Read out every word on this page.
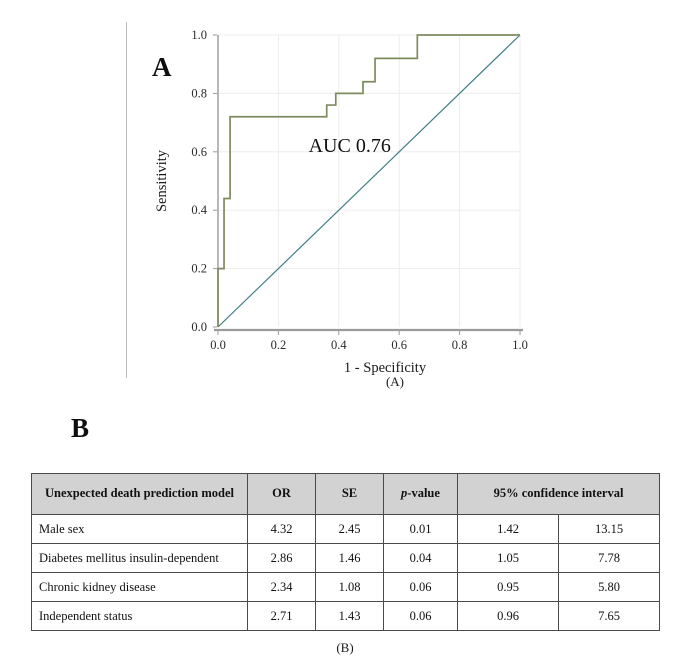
A
0.0	0.2	0.4	0.6	0.8	1.0
0.0
0.2
0.4
0.6
0.8
1.0
AUC 0.76
1 - Specificity
Sensitivity
(A)
B
Unexpected death prediction model	OR	SE	p-value	95% confidence interval	
Male sex	4.32	2.45	0.01	1.42	13.15
Diabetes mellitus insulin-dependent	2.86	1.46	0.04	1.05	7.78
Chronic kidney disease	2.34	1.08	0.06	0.95	5.80
Independent status	2.71	1.43	0.06	0.96	7.65
(B)
